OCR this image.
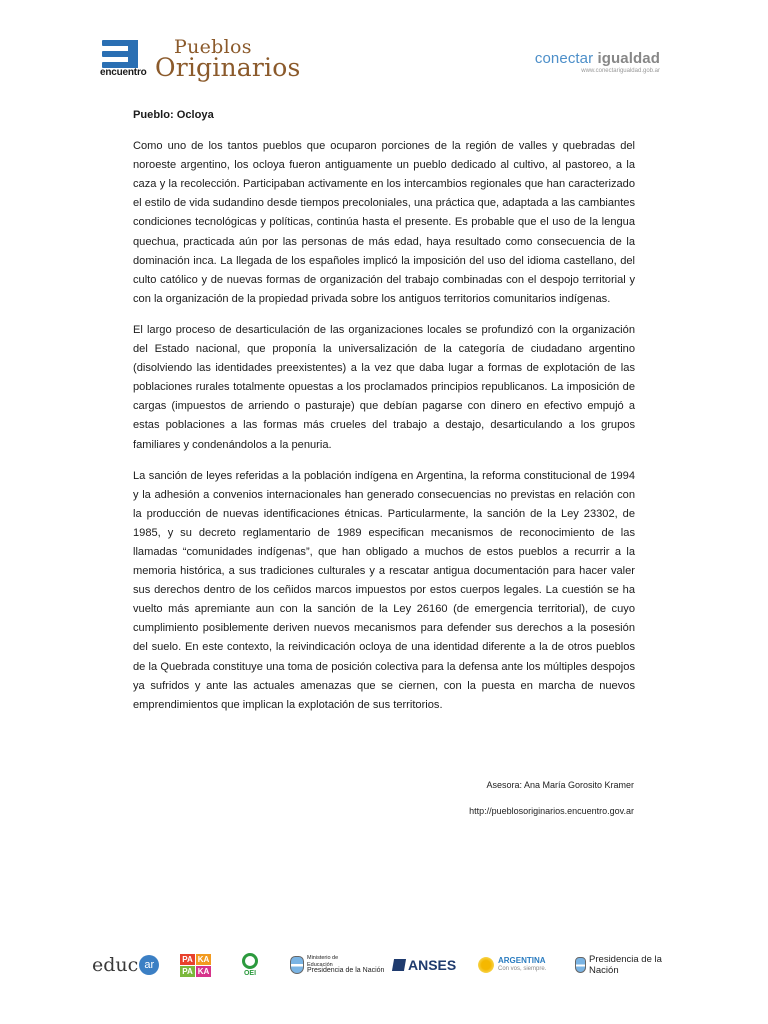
encuentro
Pueblos
Originarios	conectar igualdad
www.conectarigualdad.gob.ar

Pueblo: Ocloya

Como uno de los tantos pueblos que ocuparon porciones de la región de valles y quebradas del noroeste argentino, los ocloya fueron antiguamente un pueblo dedicado al cultivo, al pastoreo, a la caza y la recolección. Participaban activamente en los intercambios regionales que han caracterizado el estilo de vida sudandino desde tiempos precoloniales, una práctica que, adaptada a las cambiantes condiciones tecnológicas y políticas, continúa hasta el presente. Es probable que el uso de la lengua quechua, practicada aún por las personas de más edad, haya resultado como consecuencia de la dominación inca. La llegada de los españoles implicó la imposición del uso del idioma castellano, del culto católico y de nuevas formas de organización del trabajo combinadas con el despojo territorial y con la organización de la propiedad privada sobre los antiguos territorios comunitarios indígenas.

El largo proceso de desarticulación de las organizaciones locales se profundizó con la organización del Estado nacional, que proponía la universalización de la categoría de ciudadano argentino (disolviendo las identidades preexistentes) a la vez que daba lugar a formas de explotación de las poblaciones rurales totalmente opuestas a los proclamados principios republicanos. La imposición de cargas (impuestos de arriendo o pasturaje) que debían pagarse con dinero en efectivo empujó a estas poblaciones a las formas más crueles del trabajo a destajo, desarticulando a los grupos familiares y condenándolos a la penuria.

La sanción de leyes referidas a la población indígena en Argentina, la reforma constitucional de 1994 y la adhesión a convenios internacionales han generado consecuencias no previstas en relación con la producción de nuevas identificaciones étnicas. Particularmente, la sanción de la Ley 23302, de 1985, y su decreto reglamentario de 1989 especifican mecanismos de reconocimiento de las llamadas “comunidades indígenas”, que han obligado a muchos de estos pueblos a recurrir a la memoria histórica, a sus tradiciones culturales y a rescatar antigua documentación para hacer valer sus derechos dentro de los ceñidos marcos impuestos por estos cuerpos legales. La cuestión se ha vuelto más apremiante aun con la sanción de la Ley 26160 (de emergencia territorial), de cuyo cumplimiento posiblemente deriven nuevos mecanismos para defender sus derechos a la posesión del suelo. En este contexto, la reivindicación ocloya de una identidad diferente a la de otros pueblos de la Quebrada constituye una toma de posición colectiva para la defensa ante los múltiples despojos ya sufridos y ante las actuales amenazas que se ciernen, con la puesta en marcha de nuevos emprendimientos que implican la explotación de sus territorios.

Asesora: Ana María Gorosito Kramer
http://pueblosoriginarios.encuentro.gov.ar
educ ar	PA KA
PA KA	OEI
Ministerio de
Educación
Presidencia de la Nación ANSES	ARGENTINA
Con vos, siempre.
Presidencia de la Nación
